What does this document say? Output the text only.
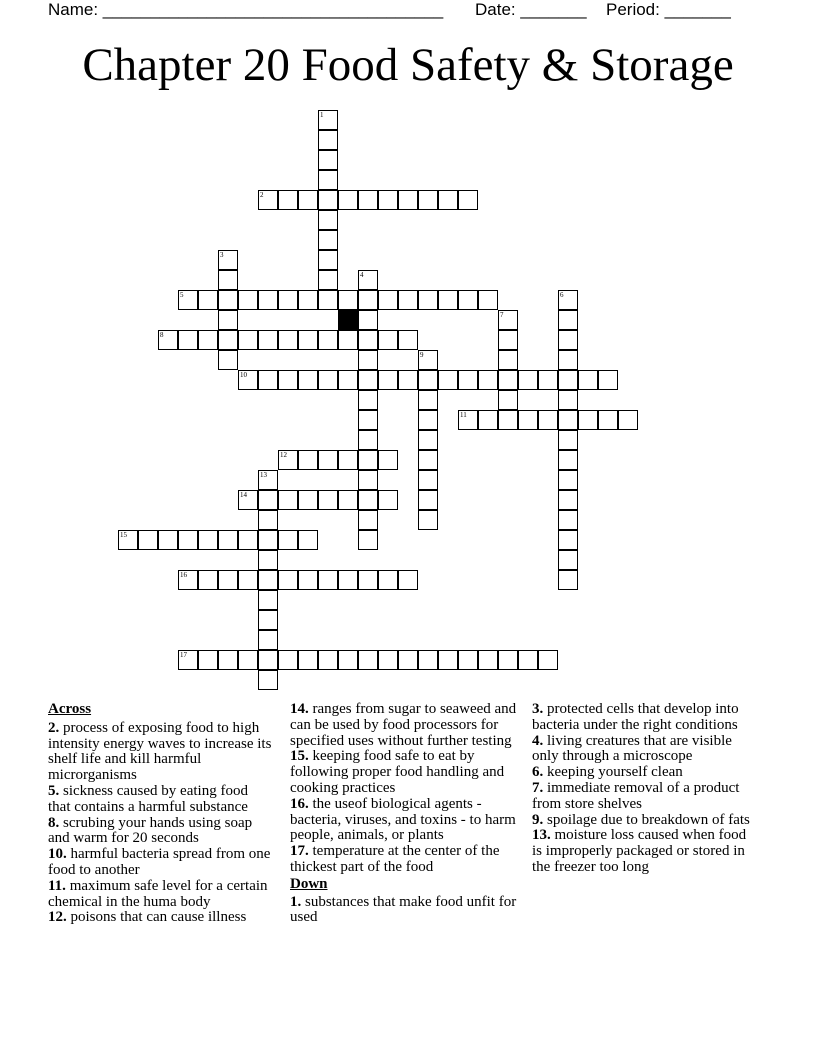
Name: ____________________________________ Date: _______ Period: _______
Chapter 20 Food Safety & Storage
1
2
3
4
5	6
7
8
9
10
11
12
13
14
15
16
17
Across

2. process of exposing food to high intensity energy waves to increase its shelf life and kill harmful microrganisms

5. sickness caused by eating food that contains a harmful substance

8. scrubing your hands using soap and warm for 20 seconds

10. harmful bacteria spread from one food to another

11. maximum safe level for a certain chemical in the huma body

12. poisons that can cause illness

14. ranges from sugar to seaweed and can be used by food processors for specified uses without further testing

15. keeping food safe to eat by following proper food handling and cooking practices

16. the useof biological agents - bacteria, viruses, and toxins - to harm people, animals, or plants

17. temperature at the center of the thickest part of the food

Down

1. substances that make food unfit for used

3. protected cells that develop into bacteria under the right conditions

4. living creatures that are visible only through a microscope

6. keeping yourself clean

7. immediate removal of a product from store shelves

9. spoilage due to breakdown of fats

13. moisture loss caused when food is improperly packaged or stored in the freezer too long
